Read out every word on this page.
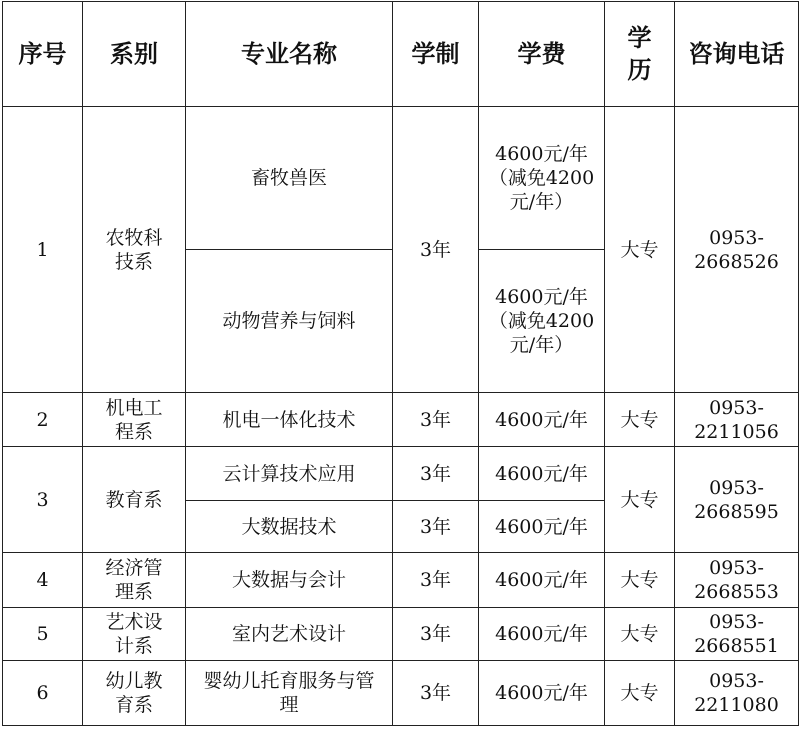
序号	系别	专业名称	学制	学费	学历	咨询电话
1	农牧科技系	畜牧兽医	3年	4600元/年（减免4200元/年）	大专	0953-2668526
		动物营养与饲料		4600元/年（减免4200元/年）		
2	机电工程系	机电一体化技术	3年	4600元/年	大专	0953-2211056
3	教育系	云计算技术应用	3年	4600元/年	大专	0953-2668595
		大数据技术	3年	4600元/年		
4	经济管理系	大数据与会计	3年	4600元/年	大专	0953-2668553
5	艺术设计系	室内艺术设计	3年	4600元/年	大专	0953-2668551
6	幼儿教育系	婴幼儿托育服务与管理	3年	4600元/年	大专	0953-2211080
